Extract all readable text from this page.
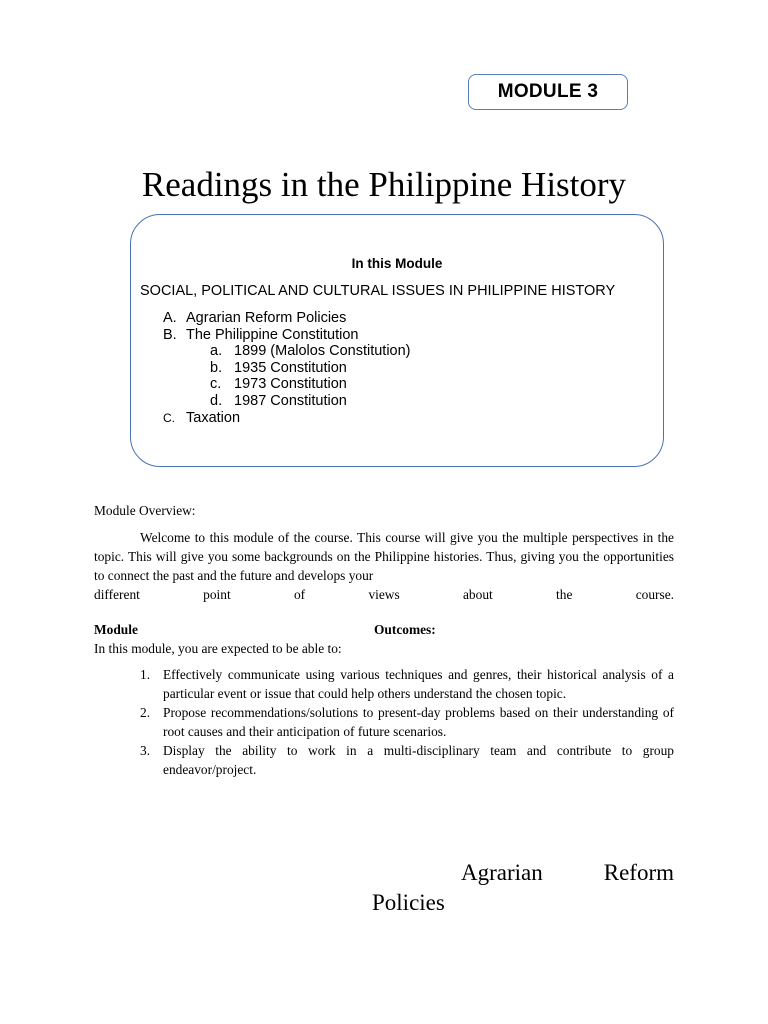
MODULE 3
Readings in the Philippine History
In this Module
SOCIAL, POLITICAL AND CULTURAL ISSUES IN PHILIPPINE HISTORY
A. Agrarian Reform Policies
B. The Philippine Constitution
a. 1899 (Malolos Constitution)
b. 1935 Constitution
c. 1973 Constitution
d. 1987 Constitution
C. Taxation
Module Overview:

Welcome to this module of the course. This course will give you the multiple perspectives in the topic. This will give you some backgrounds on the Philippine histories. Thus, giving you the opportunities to connect the past and the future and develops your

different	point	of	views	about	the	course.
Module	Outcomes:
In this module, you are expected to be able to:
1. Effectively communicate using various techniques and genres, their historical analysis of a particular event or issue that could help others understand the chosen topic.
2. Propose recommendations/solutions to present-day problems based on their understanding of root causes and their anticipation of future scenarios.
3. Display the ability to work in a multi-disciplinary team and contribute to group endeavor/project.
Agrarian	Reform
Policies
